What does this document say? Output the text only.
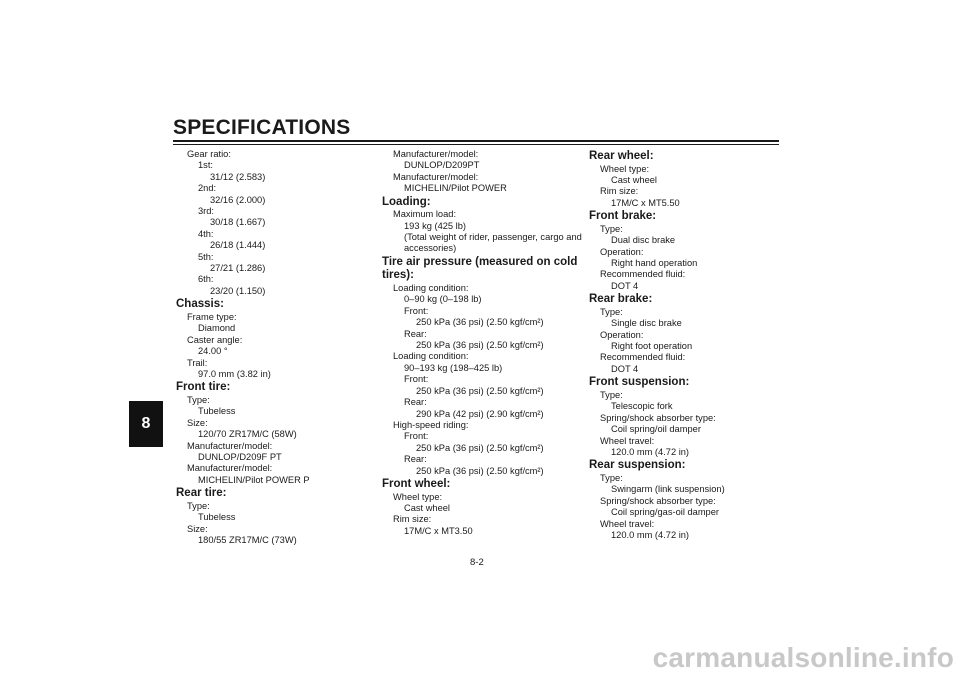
SPECIFICATIONS
8
Gear ratio:
1st:
31/12 (2.583)
2nd:
32/16 (2.000)
3rd:
30/18 (1.667)
4th:
26/18 (1.444)
5th:
27/21 (1.286)
6th:
23/20 (1.150)
Chassis:
Frame type:
Diamond
Caster angle:
24.00 °
Trail:
97.0 mm (3.82 in)
Front tire:
Type:
Tubeless
Size:
120/70 ZR17M/C (58W)
Manufacturer/model:
DUNLOP/D209F PT
Manufacturer/model:
MICHELIN/Pilot POWER P
Rear tire:
Type:
Tubeless
Size:
180/55 ZR17M/C (73W)
Manufacturer/model:
DUNLOP/D209PT
Manufacturer/model:
MICHELIN/Pilot POWER
Loading:
Maximum load:
193 kg (425 lb)
(Total weight of rider, passenger, cargo and accessories)
Tire air pressure (measured on cold tires):
Loading condition:
0–90 kg (0–198 lb)
Front:
250 kPa (36 psi) (2.50 kgf/cm²)
Rear:
250 kPa (36 psi) (2.50 kgf/cm²)
Loading condition:
90–193 kg (198–425 lb)
Front:
250 kPa (36 psi) (2.50 kgf/cm²)
Rear:
290 kPa (42 psi) (2.90 kgf/cm²)
High-speed riding:
Front:
250 kPa (36 psi) (2.50 kgf/cm²)
Rear:
250 kPa (36 psi) (2.50 kgf/cm²)
Front wheel:
Wheel type:
Cast wheel
Rim size:
17M/C x MT3.50
Rear wheel:
Wheel type:
Cast wheel
Rim size:
17M/C x MT5.50
Front brake:
Type:
Dual disc brake
Operation:
Right hand operation
Recommended fluid:
DOT 4
Rear brake:
Type:
Single disc brake
Operation:
Right foot operation
Recommended fluid:
DOT 4
Front suspension:
Type:
Telescopic fork
Spring/shock absorber type:
Coil spring/oil damper
Wheel travel:
120.0 mm (4.72 in)
Rear suspension:
Type:
Swingarm (link suspension)
Spring/shock absorber type:
Coil spring/gas-oil damper
Wheel travel:
120.0 mm (4.72 in)
8-2
carmanualsonline.info
